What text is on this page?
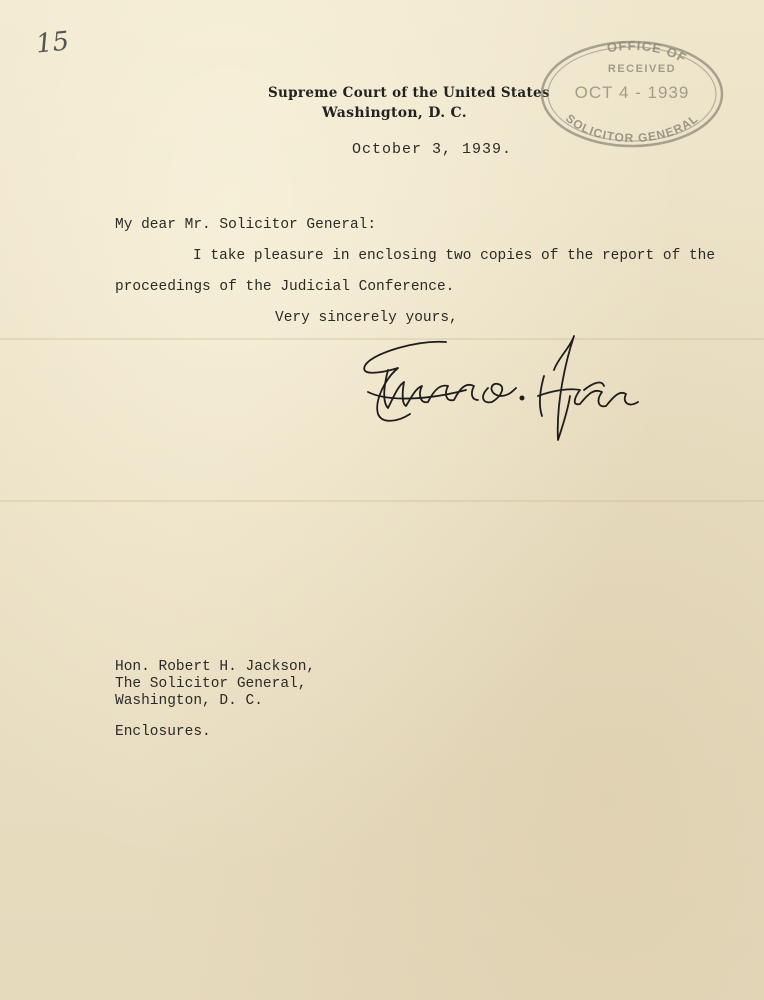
15
Supreme Court of the United States
Washington, D. C.
October 3, 1939.
OFFICE OF
RECEIVED
OCT 4 - 1939
SOLICITOR GENERAL
My dear Mr. Solicitor General:
I take pleasure in enclosing two copies of the report of the
proceedings of the Judicial Conference.
Very sincerely yours,
Hon. Robert H. Jackson,
The Solicitor General,
Washington, D. C.
Enclosures.
